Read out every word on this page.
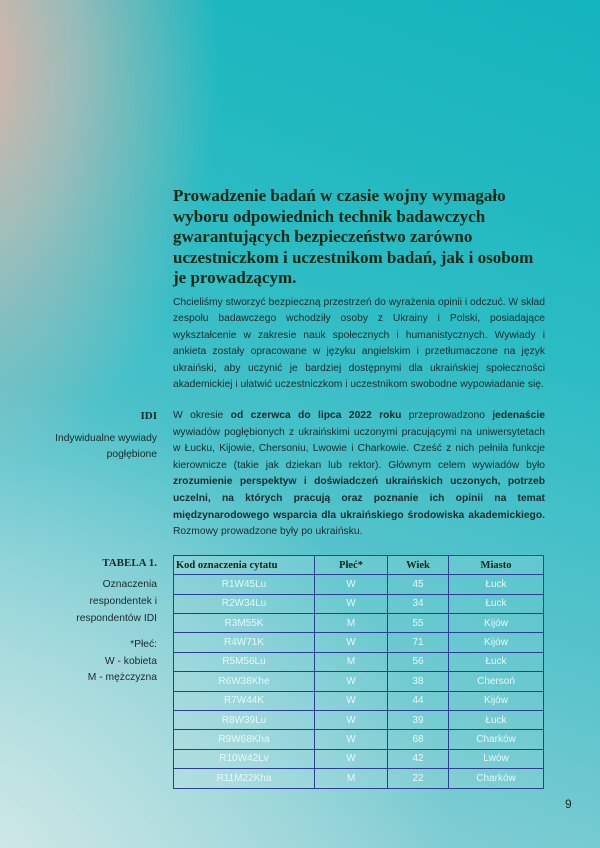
Prowadzenie badań w czasie wojny wymagało wyboru odpowiednich technik badawczych gwarantujących bezpieczeństwo zarówno uczestniczkom i uczestnikom badań, jak i osobom je prowadzącym.
Chcieliśmy stworzyć bezpieczną przestrzeń do wyrażenia opinii i odczuć. W skład zespołu badawczego wchodziły osoby z Ukrainy i Polski, posiadające wykształcenie w zakresie nauk społecznych i humanistycznych. Wywiady i ankieta zostały opracowane w języku angielskim i przetłumaczone na język ukraiński, aby uczynić je bardziej dostępnymi dla ukraińskiej społeczności akademickiej i ułatwić uczestniczkom i uczestnikom swobodne wypowiadanie się.
IDI
Indywidualne wywiady pogłębione
W okresie od czerwca do lipca 2022 roku przeprowadzono jedenaście wywiadów pogłębionych z ukraińskimi uczonymi pracującymi na uniwersytetach w Łucku, Kijowie, Chersoniu, Lwowie i Charkowie. Cześć z nich pełniła funkcje kierownicze (takie jak dziekan lub rektor). Głównym celem wywiadów było zrozumienie perspektyw i doświadczeń ukraińskich uczonych, potrzeb uczelni, na których pracują oraz poznanie ich opinii na temat międzynarodowego wsparcia dla ukraińskiego środowiska akademickiego. Rozmowy prowadzone były po ukraińsku.
TABELA 1.
Oznaczenia respondentek i respondentów IDI
*Płeć:
W - kobieta
M - mężczyzna
Kod oznaczenia cytatu	Płeć*	Wiek	Miasto
R1W45Lu	W	45	Łuck
R2W34Lu	W	34	Łuck
R3M55K	M	55	Kijów
R4W71K	W	71	Kijów
R5M56Lu	M	56	Łuck
R6W38Khe	W	38	Chersoń
R7W44K	W	44	Kijów
R8W39Lu	W	39	Łuck
R9W68Kha	W	68	Charków
R10W42Lv	W	42	Lwów
R11M22Kha	M	22	Charków
9
